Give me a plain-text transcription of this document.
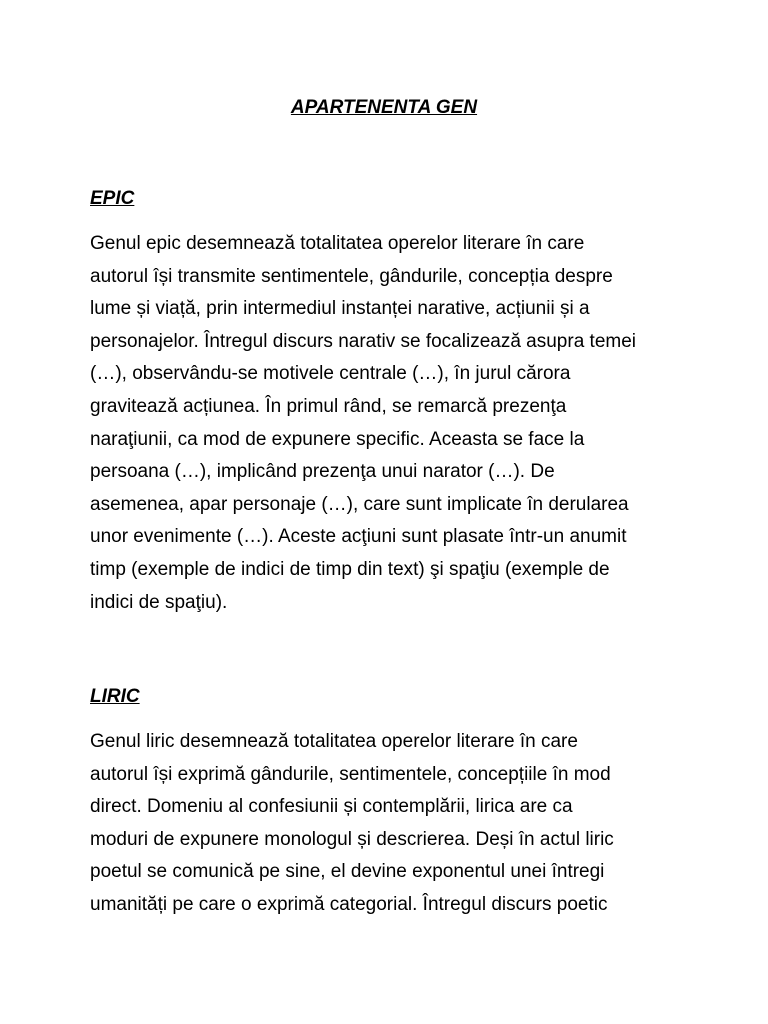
APARTENENTA GEN
EPIC

Genul epic desemnează totalitatea operelor literare în care
autorul își transmite sentimentele, gândurile, concepția despre
lume și viață, prin intermediul instanței narative, acțiunii și a
personajelor. Întregul discurs narativ se focalizează asupra temei
(…), observându-se motivele centrale (…), în jurul cărora
gravitează acțiunea. În primul rând, se remarcă prezenţa
naraţiunii, ca mod de expunere specific. Aceasta se face la
persoana (…), implicând prezenţa unui narator (…). De
asemenea, apar personaje (…), care sunt implicate în derularea
unor evenimente (…). Aceste acţiuni sunt plasate într-un anumit
timp (exemple de indici de timp din text) şi spaţiu (exemple de
indici de spaţiu).

LIRIC

Genul liric desemnează totalitatea operelor literare în care
autorul își exprimă gândurile, sentimentele, concepțiile în mod
direct. Domeniu al confesiunii și contemplării, lirica are ca
moduri de expunere monologul și descrierea. Deși în actul liric
poetul se comunică pe sine, el devine exponentul unei întregi
umanități pe care o exprimă categorial. Întregul discurs poetic
